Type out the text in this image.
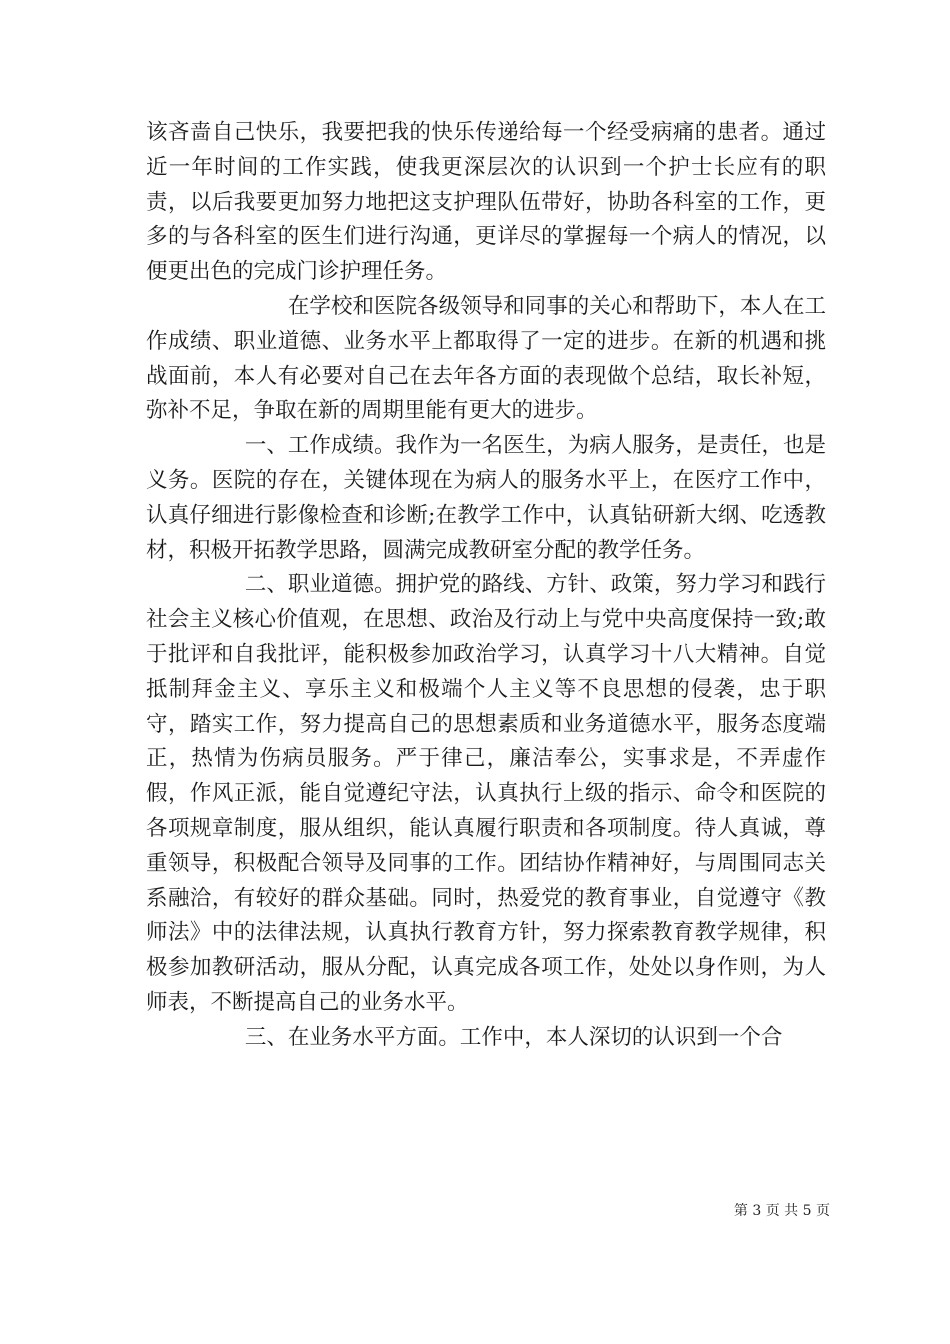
该吝啬自己快乐，我要把我的快乐传递给每一个经受病痛的患者。通过近一年时间的工作实践，使我更深层次的认识到一个护士长应有的职责，以后我要更加努力地把这支护理队伍带好，协助各科室的工作，更多的与各科室的医生们进行沟通，更详尽的掌握每一个病人的情况，以便更出色的完成门诊护理任务。

在学校和医院各级领导和同事的关心和帮助下，本人在工作成绩、职业道德、业务水平上都取得了一定的进步。在新的机遇和挑战面前，本人有必要对自己在去年各方面的表现做个总结，取长补短，弥补不足，争取在新的周期里能有更大的进步。

一、工作成绩。我作为一名医生，为病人服务，是责任，也是义务。医院的存在，关键体现在为病人的服务水平上，在医疗工作中，认真仔细进行影像检查和诊断;在教学工作中，认真钻研新大纲、吃透教材，积极开拓教学思路，圆满完成教研室分配的教学任务。

二、职业道德。拥护党的路线、方针、政策，努力学习和践行社会主义核心价值观，在思想、政治及行动上与党中央高度保持一致;敢于批评和自我批评，能积极参加政治学习，认真学习十八大精神。自觉抵制拜金主义、享乐主义和极端个人主义等不良思想的侵袭，忠于职守，踏实工作，努力提高自己的思想素质和业务道德水平，服务态度端正，热情为伤病员服务。严于律己，廉洁奉公，实事求是，不弄虚作假，作风正派，能自觉遵纪守法，认真执行上级的指示、命令和医院的各项规章制度，服从组织，能认真履行职责和各项制度。待人真诚，尊重领导，积极配合领导及同事的工作。团结协作精神好，与周围同志关系融洽，有较好的群众基础。同时，热爱党的教育事业，自觉遵守《教师法》中的法律法规，认真执行教育方针，努力探索教育教学规律，积极参加教研活动，服从分配，认真完成各项工作，处处以身作则，为人师表，不断提高自己的业务水平。

三、在业务水平方面。工作中，本人深切的认识到一个合

第 3 页 共 5 页
